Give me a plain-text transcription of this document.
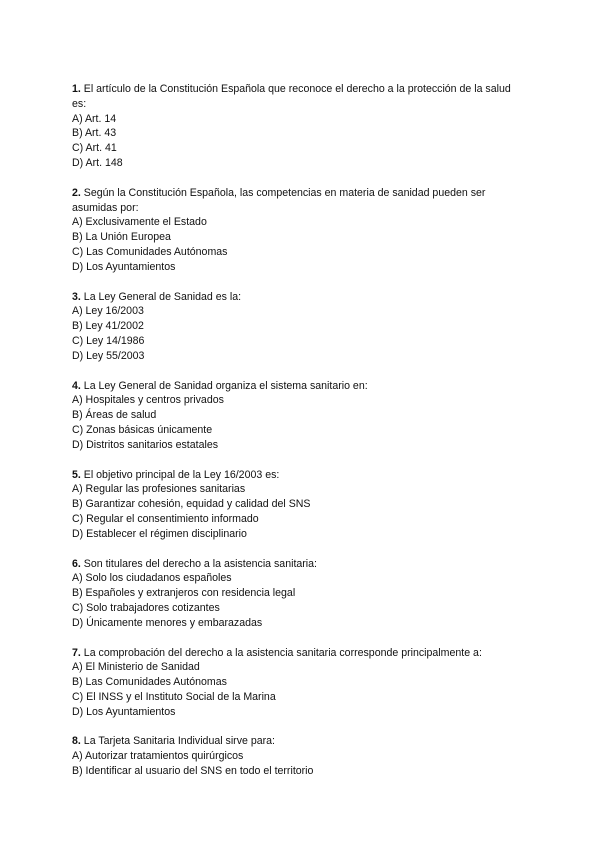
1. El artículo de la Constitución Española que reconoce el derecho a la protección de la salud es:

A) Art. 14
B) Art. 43
C) Art. 41
D) Art. 148

2. Según la Constitución Española, las competencias en materia de sanidad pueden ser asumidas por:

A) Exclusivamente el Estado
B) La Unión Europea
C) Las Comunidades Autónomas
D) Los Ayuntamientos

3. La Ley General de Sanidad es la:

A) Ley 16/2003
B) Ley 41/2002
C) Ley 14/1986
D) Ley 55/2003

4. La Ley General de Sanidad organiza el sistema sanitario en:

A) Hospitales y centros privados
B) Áreas de salud
C) Zonas básicas únicamente
D) Distritos sanitarios estatales

5. El objetivo principal de la Ley 16/2003 es:

A) Regular las profesiones sanitarias
B) Garantizar cohesión, equidad y calidad del SNS
C) Regular el consentimiento informado
D) Establecer el régimen disciplinario

6. Son titulares del derecho a la asistencia sanitaria:

A) Solo los ciudadanos españoles
B) Españoles y extranjeros con residencia legal
C) Solo trabajadores cotizantes
D) Únicamente menores y embarazadas

7. La comprobación del derecho a la asistencia sanitaria corresponde principalmente a:

A) El Ministerio de Sanidad
B) Las Comunidades Autónomas
C) El INSS y el Instituto Social de la Marina
D) Los Ayuntamientos

8. La Tarjeta Sanitaria Individual sirve para:

A) Autorizar tratamientos quirúrgicos
B) Identificar al usuario del SNS en todo el territorio
